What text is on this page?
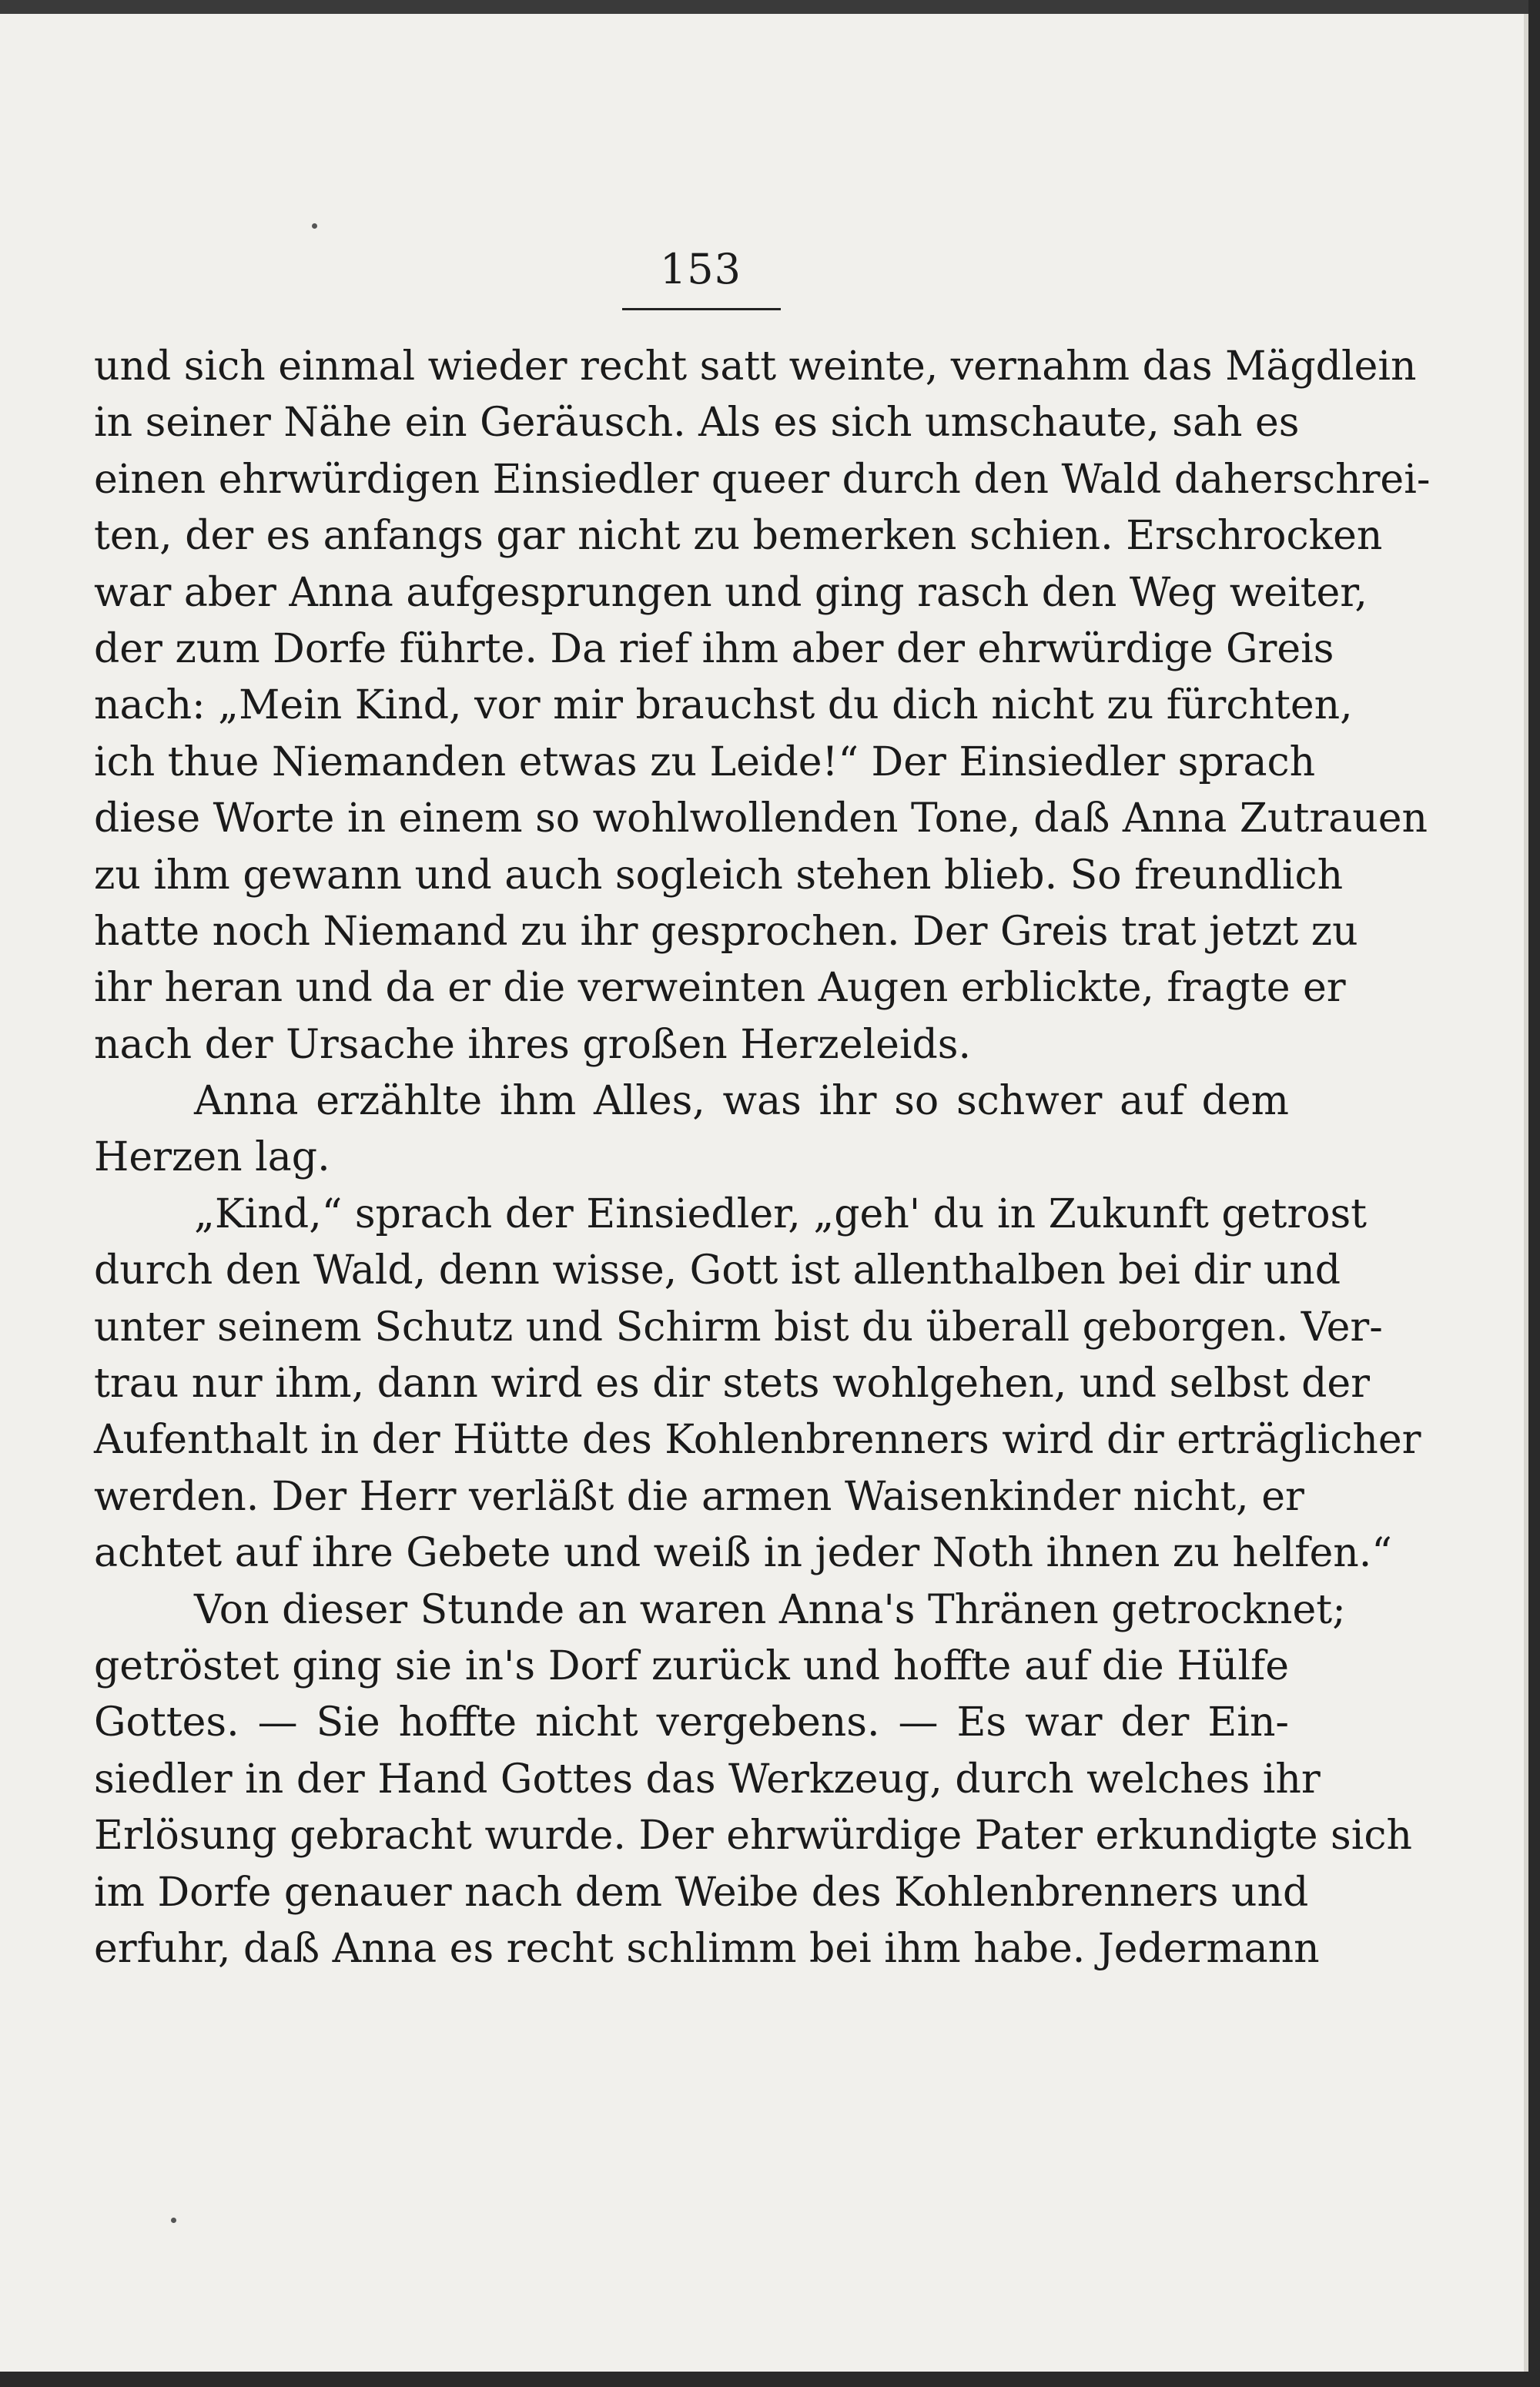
153
und sich einmal wieder recht satt weinte, vernahm das Mägdlein
in seiner Nähe ein Geräusch. Als es sich umschaute, sah es
einen ehrwürdigen Einsiedler queer durch den Wald daherschrei-
ten, der es anfangs gar nicht zu bemerken schien. Erschrocken
war aber Anna aufgesprungen und ging rasch den Weg weiter,
der zum Dorfe führte. Da rief ihm aber der ehrwürdige Greis
nach: „Mein Kind, vor mir brauchst du dich nicht zu fürchten,
ich thue Niemanden etwas zu Leide!“ Der Einsiedler sprach
diese Worte in einem so wohlwollenden Tone, daß Anna Zutrauen
zu ihm gewann und auch sogleich stehen blieb. So freundlich
hatte noch Niemand zu ihr gesprochen. Der Greis trat jetzt zu
ihr heran und da er die verweinten Augen erblickte, fragte er
nach der Ursache ihres großen Herzeleids.
Anna erzählte ihm Alles, was ihr so schwer auf dem
Herzen lag.
„Kind,“ sprach der Einsiedler, „geh' du in Zukunft getrost
durch den Wald, denn wisse, Gott ist allenthalben bei dir und
unter seinem Schutz und Schirm bist du überall geborgen. Ver-
trau nur ihm, dann wird es dir stets wohlgehen, und selbst der
Aufenthalt in der Hütte des Kohlenbrenners wird dir erträglicher
werden. Der Herr verläßt die armen Waisenkinder nicht, er
achtet auf ihre Gebete und weiß in jeder Noth ihnen zu helfen.“
Von dieser Stunde an waren Anna's Thränen getrocknet;
getröstet ging sie in's Dorf zurück und hoffte auf die Hülfe
Gottes. — Sie hoffte nicht vergebens. — Es war der Ein-
siedler in der Hand Gottes das Werkzeug, durch welches ihr
Erlösung gebracht wurde. Der ehrwürdige Pater erkundigte sich
im Dorfe genauer nach dem Weibe des Kohlenbrenners und
erfuhr, daß Anna es recht schlimm bei ihm habe. Jedermann
